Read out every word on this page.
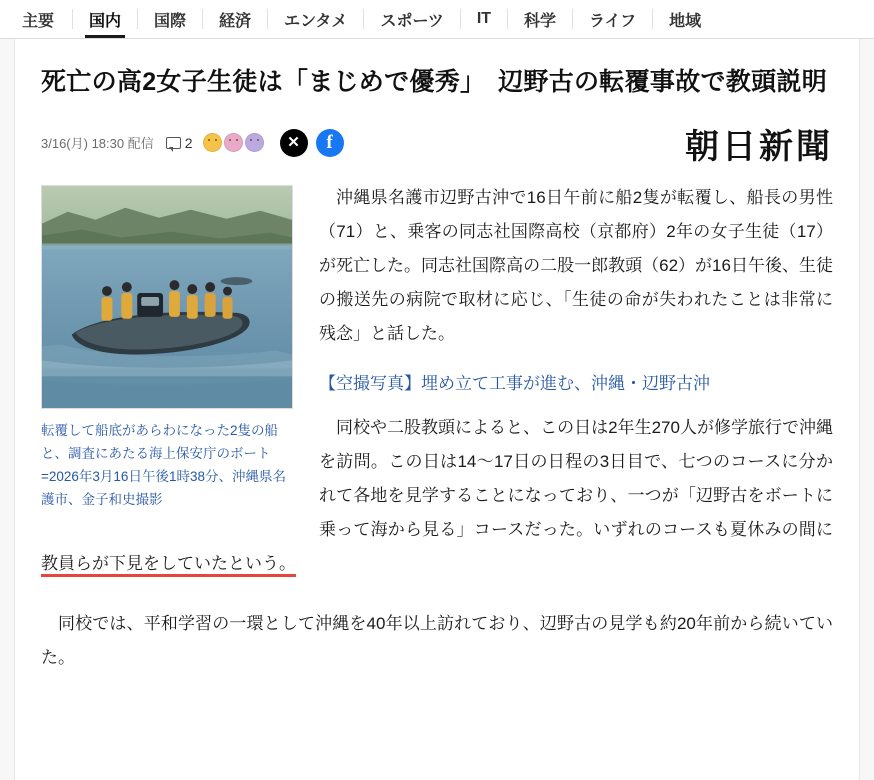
主要 国内 国際 経済 エンタメ スポーツ IT 科学 ライフ 地域
死亡の高2女子生徒は「まじめで優秀」　辺野古の転覆事故で教頭説明
3/16(月) 18:30 配信 2	✕ f	朝日新聞
転覆して船底があらわになった2隻の船と、調査にあたる海上保安庁のボート=2026年3月16日午後1時38分、沖縄県名護市、金子和史撮影

沖縄県名護市辺野古沖で16日午前に船2隻が転覆し、船長の男性（71）と、乗客の同志社国際高校（京都府）2年の女子生徒（17）が死亡した。同志社国際高の二股一郎教頭（62）が16日午後、生徒の搬送先の病院で取材に応じ、「生徒の命が失われたことは非常に残念」と話した。

【空撮写真】埋め立て工事が進む、沖縄・辺野古沖

同校や二股教頭によると、この日は2年生270人が修学旅行で沖縄を訪問。この日は14〜17日の日程の3日目で、七つのコースに分かれて各地を見学することになっており、一つが「辺野古をボートに乗って海から見る」コースだった。いずれのコースも夏休みの間に教員らが下見をしていたという。

同校では、平和学習の一環として沖縄を40年以上訪れており、辺野古の見学も約20年前から続いていた。
